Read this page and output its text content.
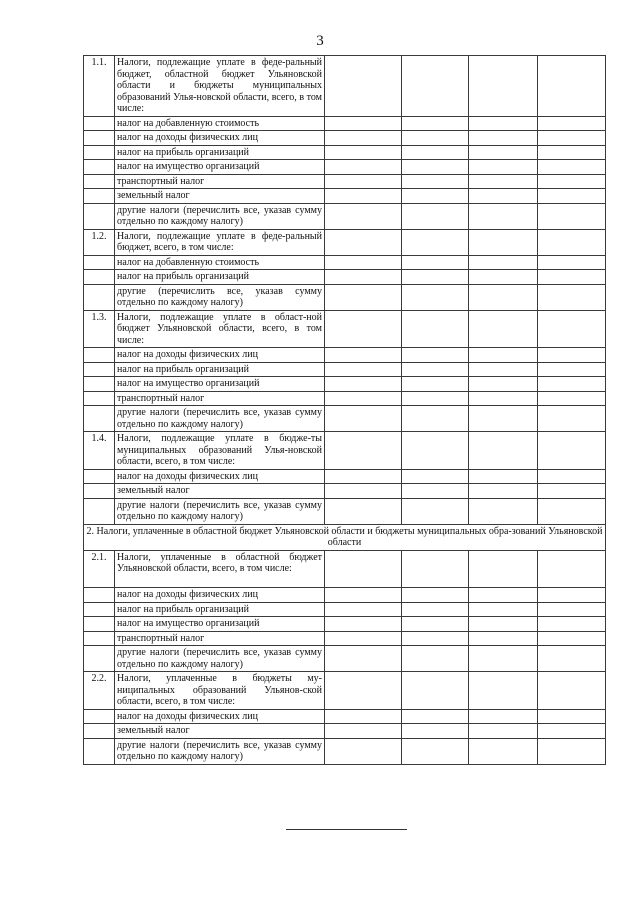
3
1.1.	Налоги, подлежащие уплате в феде-ральный бюджет, областной бюджет Ульяновской области и бюджеты муниципальных образований Улья-новской области, всего, в том числе:				
	налог на добавленную стоимость				
	налог на доходы физических лиц				
	налог на прибыль организаций				
	налог на имущество организаций				
	транспортный налог				
	земельный налог				
	другие налоги (перечислить все, указав сумму отдельно по каждому налогу)				
1.2.	Налоги, подлежащие уплате в феде-ральный бюджет, всего, в том числе:				
	налог на добавленную стоимость				
	налог на прибыль организаций				
	другие (перечислить все, указав сумму отдельно по каждому налогу)				
1.3.	Налоги, подлежащие уплате в област-ной бюджет Ульяновской области, всего, в том числе:				
	налог на доходы физических лиц				
	налог на прибыль организаций				
	налог на имущество организаций				
	транспортный налог				
	другие налоги (перечислить все, указав сумму отдельно по каждому налогу)				
1.4.	Налоги, подлежащие уплате в бюдже-ты муниципальных образований Улья-новской области, всего, в том числе:				
	налог на доходы физических лиц				
	земельный налог				
	другие налоги (перечислить все, указав сумму отдельно по каждому налогу)				
2. Налоги, уплаченные в областной бюджет Ульяновской области и бюджеты муниципальных обра-зований Ульяновской области					
2.1.	Налоги, уплаченные в областной бюджет Ульяновской области, всего, в том числе:				
	налог на доходы физических лиц				
	налог на прибыль организаций				
	налог на имущество организаций				
	транспортный налог				
	другие налоги (перечислить все, указав сумму отдельно по каждому налогу)				
2.2.	Налоги, уплаченные в бюджеты му-ниципальных образований Ульянов-ской области, всего, в том числе:				
	налог на доходы физических лиц				
	земельный налог				
	другие налоги (перечислить все, указав сумму отдельно по каждому налогу)				
